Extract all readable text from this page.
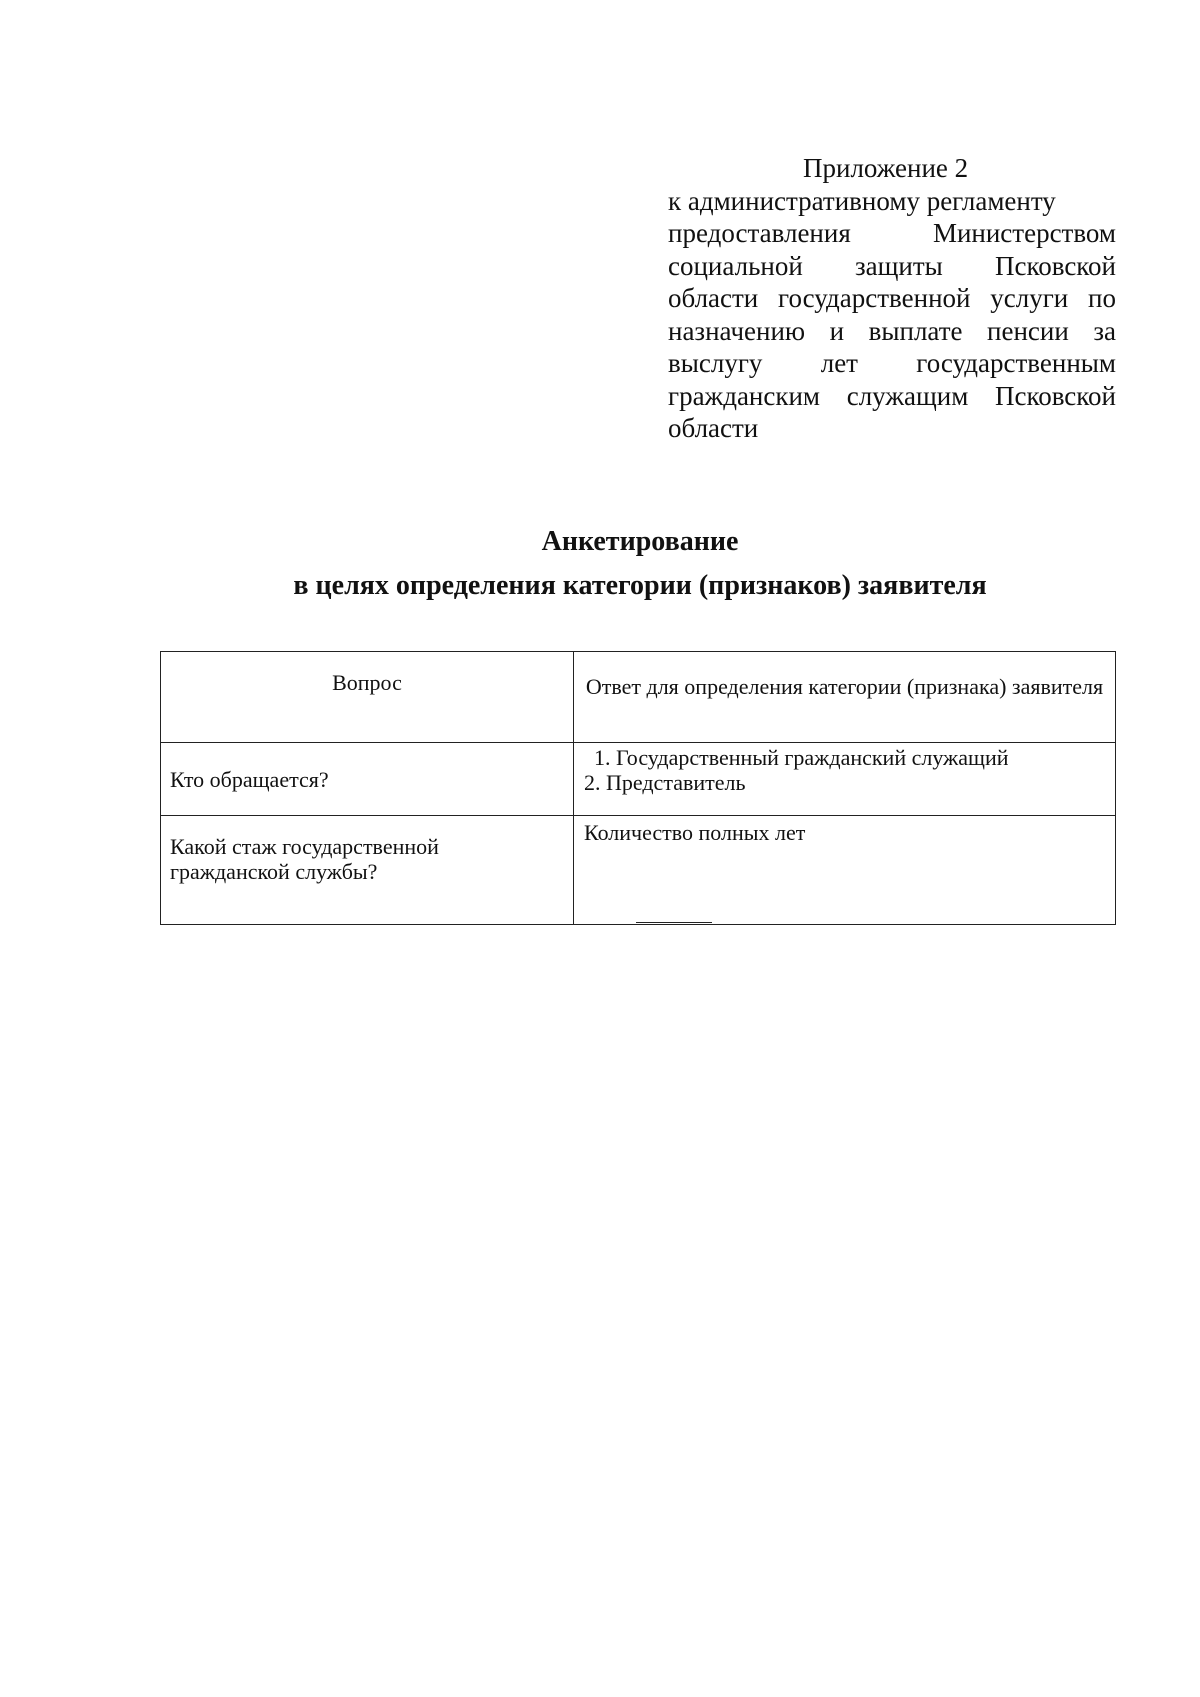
Приложение 2
к административному регламенту
предоставления Министерством социальной защиты Псковской области государственной услуги по назначению и выплате пенсии за выслугу лет государственным гражданским служащим Псковской области
Анкетирование
в целях определения категории (признаков) заявителя
Вопрос	Ответ для определения категории (признака) заявителя
Кто обращается?	1. Государственный гражданский служащий
2. Представитель

Какой стаж государственной
гражданской службы?	Количество полных лет
